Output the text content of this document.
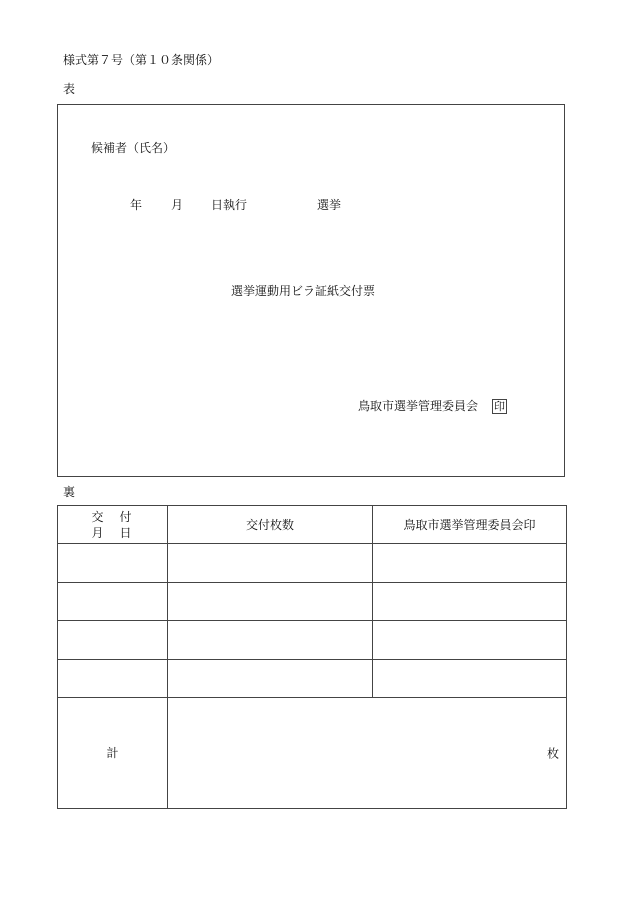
様式第７号（第１０条関係）
表
候補者（氏名）
年 月 日執行	選挙
選挙運動用ビラ証紙交付票
鳥取市選挙管理委員会 印
裏
交　付
月　日	交付枚数	鳥取市選挙管理委員会印

計	枚	
